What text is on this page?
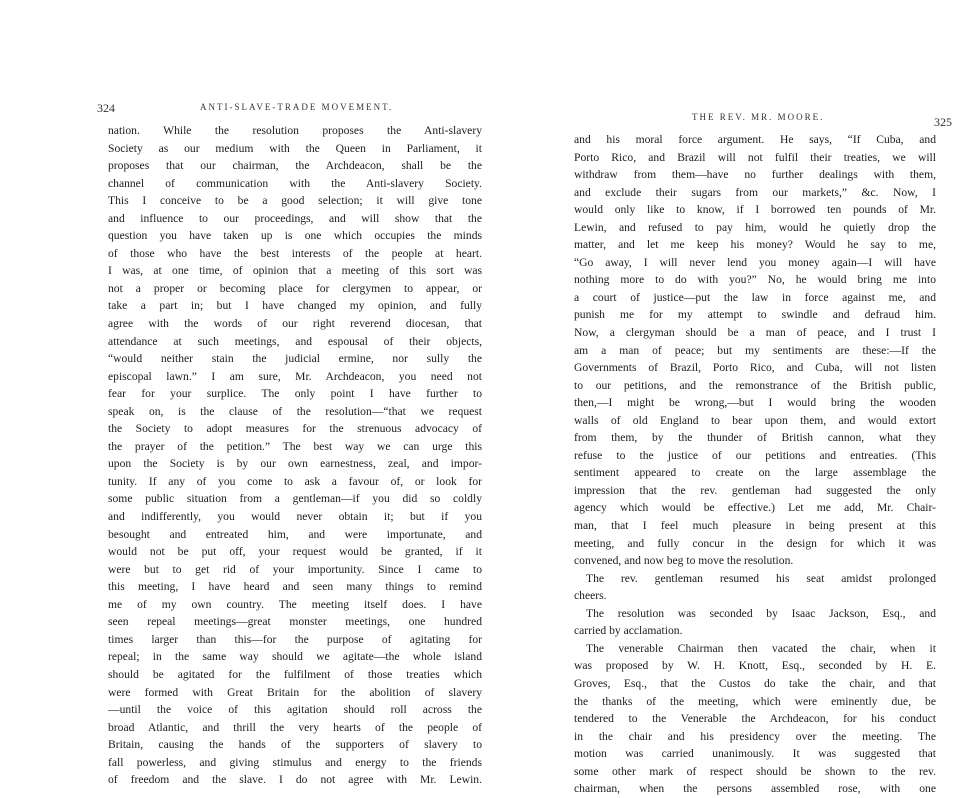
324	ANTI-SLAVE-TRADE MOVEMENT.
nation. While the resolution proposes the Anti-slavery
Society as our medium with the Queen in Parliament, it
proposes that our chairman, the Archdeacon, shall be the
channel of communication with the Anti-slavery Society.
This I conceive to be a good selection; it will give tone
and influence to our proceedings, and will show that the
question you have taken up is one which occupies the minds
of those who have the best interests of the people at heart.
I was, at one time, of opinion that a meeting of this sort was
not a proper or becoming place for clergymen to appear, or
take a part in; but I have changed my opinion, and fully
agree with the words of our right reverend diocesan, that
attendance at such meetings, and espousal of their objects,
“would neither stain the judicial ermine, nor sully the
episcopal lawn.” I am sure, Mr. Archdeacon, you need not
fear for your surplice. The only point I have further to
speak on, is the clause of the resolution—“that we request
the Society to adopt measures for the strenuous advocacy of
the prayer of the petition.” The best way we can urge this
upon the Society is by our own earnestness, zeal, and impor-
tunity. If any of you come to ask a favour of, or look for
some public situation from a gentleman—if you did so coldly
and indifferently, you would never obtain it; but if you
besought and entreated him, and were importunate, and
would not be put off, your request would be granted, if it
were but to get rid of your importunity. Since I came to
this meeting, I have heard and seen many things to remind
me of my own country. The meeting itself does. I have
seen repeal meetings—great monster meetings, one hundred
times larger than this—for the purpose of agitating for
repeal; in the same way should we agitate—the whole island
should be agitated for the fulfilment of those treaties which
were formed with Great Britain for the abolition of slavery
—until the voice of this agitation should roll across the
broad Atlantic, and thrill the very hearts of the people of
Britain, causing the hands of the supporters of slavery to
fall powerless, and giving stimulus and energy to the friends
of freedom and the slave. I do not agree with Mr. Lewin.
THE REV. MR. MOORE.	325
and his moral force argument. He says, “If Cuba, and
Porto Rico, and Brazil will not fulfil their treaties, we will
withdraw from them—have no further dealings with them,
and exclude their sugars from our markets,” &c. Now, I
would only like to know, if I borrowed ten pounds of Mr.
Lewin, and refused to pay him, would he quietly drop the
matter, and let me keep his money? Would he say to me,
“Go away, I will never lend you money again—I will have
nothing more to do with you?” No, he would bring me into
a court of justice—put the law in force against me, and
punish me for my attempt to swindle and defraud him.
Now, a clergyman should be a man of peace, and I trust I
am a man of peace; but my sentiments are these:—If the
Governments of Brazil, Porto Rico, and Cuba, will not listen
to our petitions, and the remonstrance of the British public,
then,—I might be wrong,—but I would bring the wooden
walls of old England to bear upon them, and would extort
from them, by the thunder of British cannon, what they
refuse to the justice of our petitions and entreaties. (This
sentiment appeared to create on the large assemblage the
impression that the rev. gentleman had suggested the only
agency which would be effective.) Let me add, Mr. Chair-
man, that I feel much pleasure in being present at this
meeting, and fully concur in the design for which it was
convened, and now beg to move the resolution.
The rev. gentleman resumed his seat amidst prolonged
cheers.
The resolution was seconded by Isaac Jackson, Esq., and
carried by acclamation.
The venerable Chairman then vacated the chair, when it
was proposed by W. H. Knott, Esq., seconded by H. E.
Groves, Esq., that the Custos do take the chair, and that
the thanks of the meeting, which were eminently due, be
tendered to the Venerable the Archdeacon, for his conduct
in the chair and his presidency over the meeting. The
motion was carried unanimously. It was suggested that
some other mark of respect should be shown to the rev.
chairman, when the persons assembled rose, with one
